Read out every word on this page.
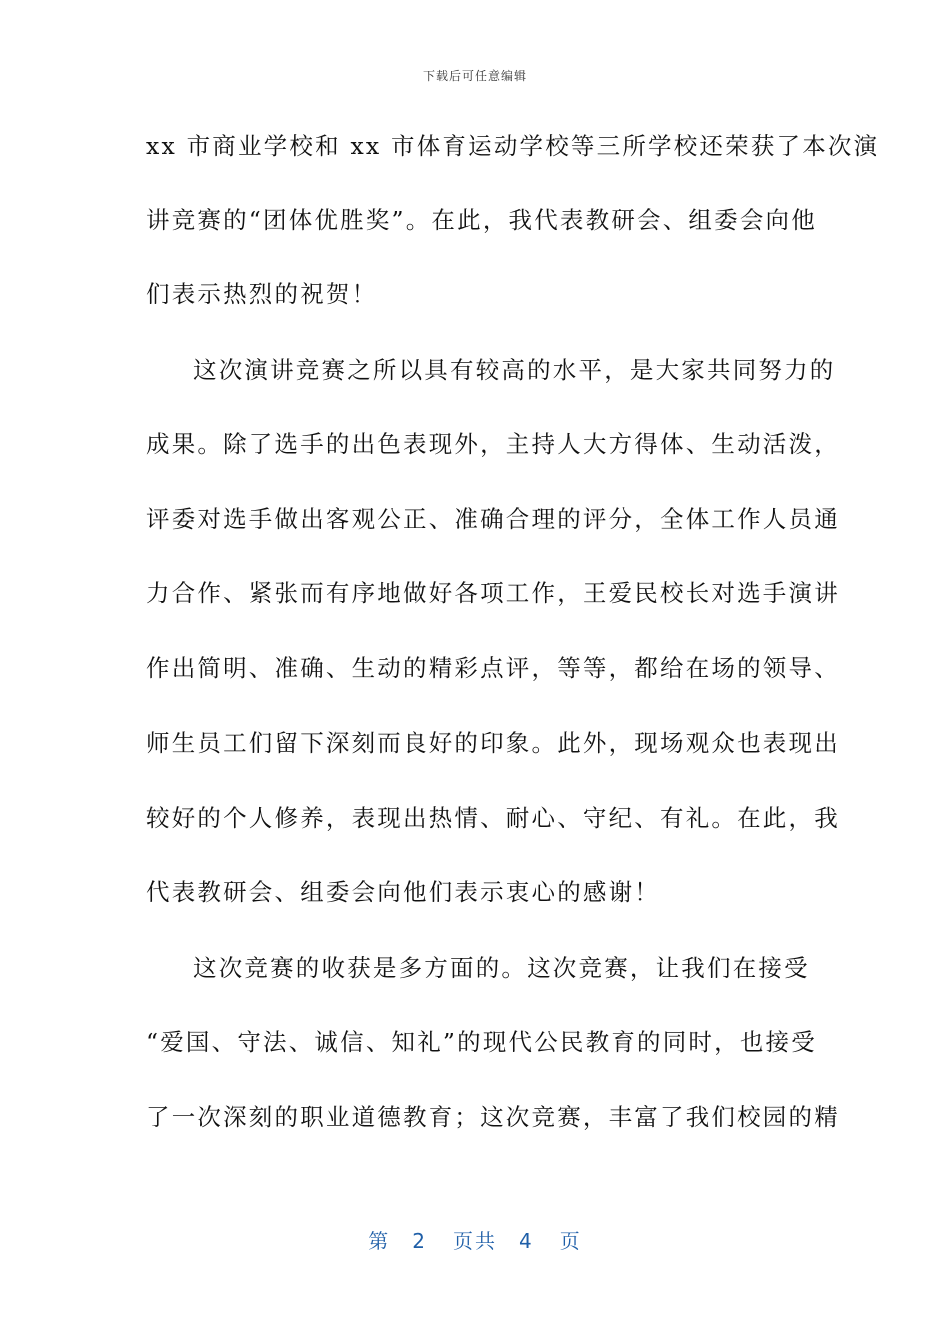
下载后可任意编辑
xx 市商业学校和 xx 市体育运动学校等三所学校还荣获了本次演
讲竞赛的“团体优胜奖”。在此，我代表教研会、组委会向他
们表示热烈的祝贺！
这次演讲竞赛之所以具有较高的水平，是大家共同努力的
成果。除了选手的出色表现外，主持人大方得体、生动活泼，
评委对选手做出客观公正、准确合理的评分，全体工作人员通
力合作、紧张而有序地做好各项工作，王爱民校长对选手演讲
作出简明、准确、生动的精彩点评，等等，都给在场的领导、
师生员工们留下深刻而良好的印象。此外，现场观众也表现出
较好的个人修养，表现出热情、耐心、守纪、有礼。在此，我
代表教研会、组委会向他们表示衷心的感谢！
这次竞赛的收获是多方面的。这次竞赛，让我们在接受
“爱国、守法、诚信、知礼”的现代公民教育的同时，也接受
了一次深刻的职业道德教育；这次竞赛，丰富了我们校园的精
第 2 页共 4 页
